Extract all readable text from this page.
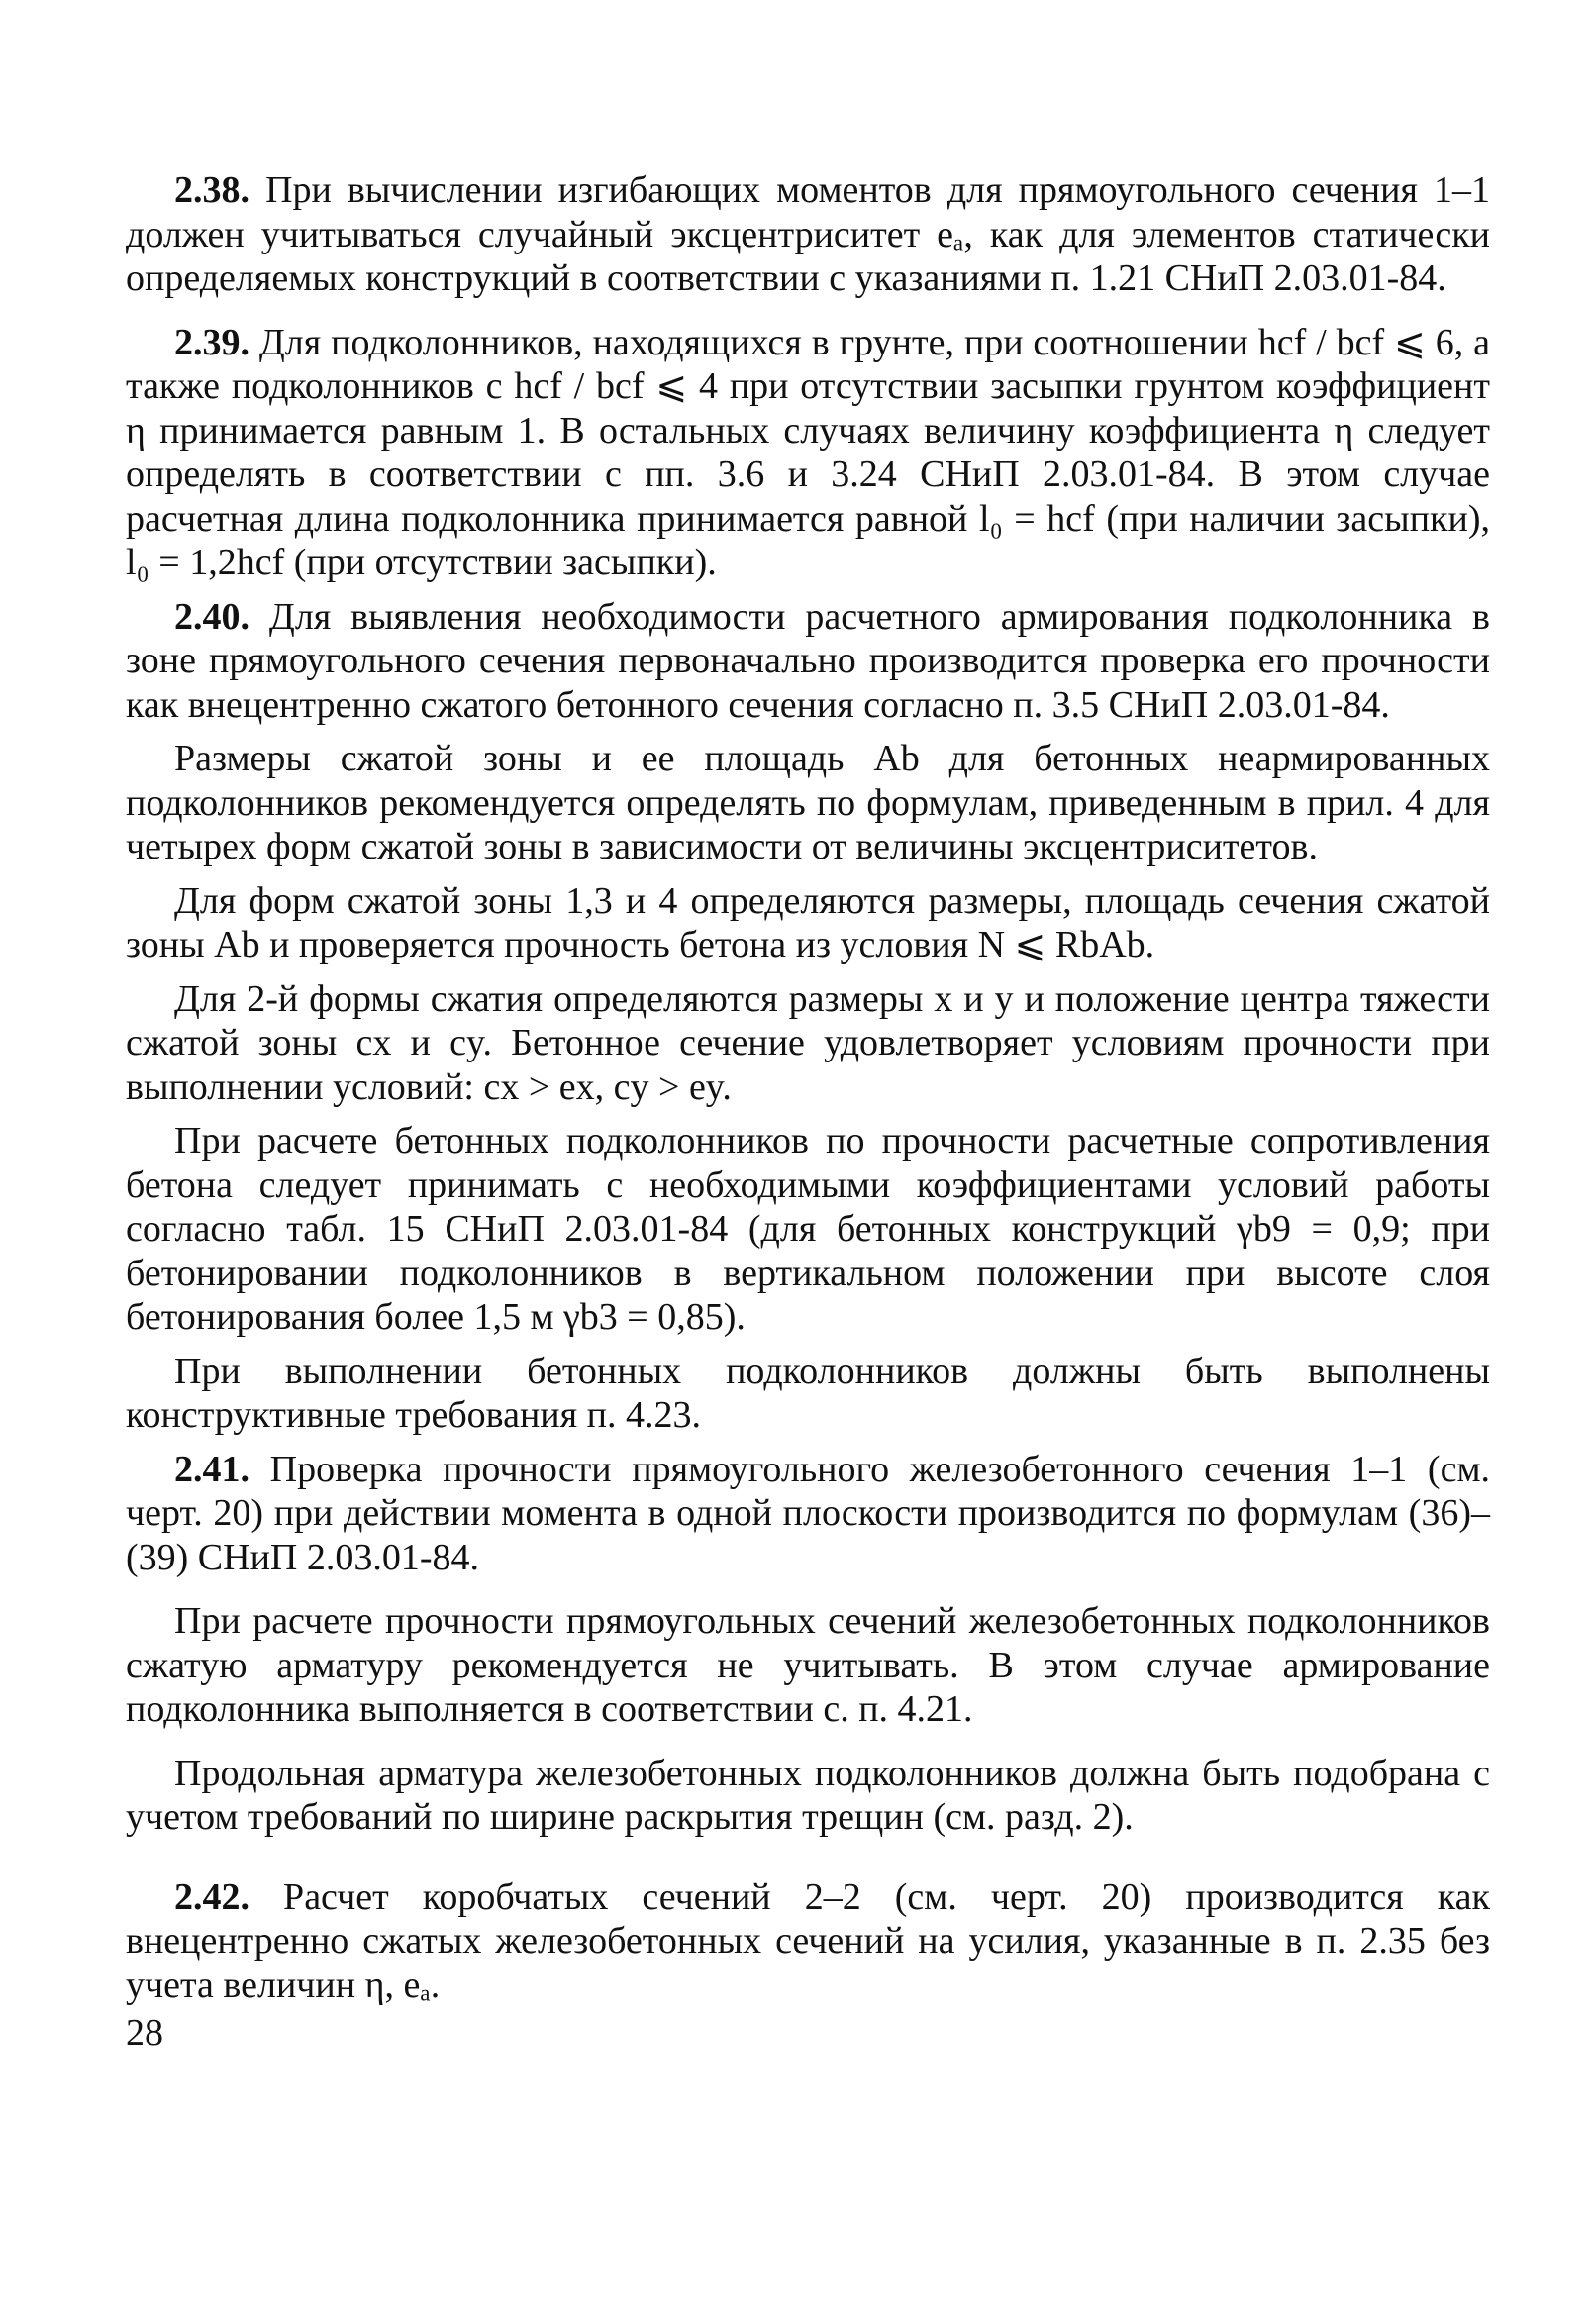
2.38. При вычислении изгибающих моментов для прямоугольного сечения 1–1 должен учитываться случайный эксцентриситет eₐ, как для элементов статически определяемых конструкций в соответствии с указаниями п. 1.21 СНиП 2.03.01-84.

2.39. Для подколонников, находящихся в грунте, при соотношении hcf / bcf ⩽ 6, а также подколонников с hcf / bcf ⩽ 4 при отсутствии засыпки грунтом коэффициент η принимается равным 1. В остальных случаях величину коэффициента η следует определять в соответствии с пп. 3.6 и 3.24 СНиП 2.03.01-84. В этом случае расчетная длина подколонника принимается равной l₀ = hcf (при наличии засыпки), l₀ = 1,2hcf (при отсутствии засыпки).

2.40. Для выявления необходимости расчетного армирования подколонника в зоне прямоугольного сечения первоначально производится проверка его прочности как внецентренно сжатого бетонного сечения согласно п. 3.5 СНиП 2.03.01-84.

Размеры сжатой зоны и ее площадь Ab для бетонных неармированных подколонников рекомендуется определять по формулам, приведенным в прил. 4 для четырех форм сжатой зоны в зависимости от величины эксцентриситетов.

Для форм сжатой зоны 1,3 и 4 определяются размеры, площадь сечения сжатой зоны Ab и проверяется прочность бетона из условия N ⩽ RbAb.

Для 2-й формы сжатия определяются размеры x и y и положение центра тяжести сжатой зоны cx и cy. Бетонное сечение удовлетворяет условиям прочности при выполнении условий: cx > ex, cy > ey.

При расчете бетонных подколонников по прочности расчетные сопротивления бетона следует принимать с необходимыми коэффициентами условий работы согласно табл. 15 СНиП 2.03.01-84 (для бетонных конструкций γb9 = 0,9; при бетонировании подколонников в вертикальном положении при высоте слоя бетонирования более 1,5 м γb3 = 0,85).

При выполнении бетонных подколонников должны быть выполнены конструктивные требования п. 4.23.

2.41. Проверка прочности прямоугольного железобетонного сечения 1–1 (см. черт. 20) при действии момента в одной плоскости производится по формулам (36)–(39) СНиП 2.03.01-84.

При расчете прочности прямоугольных сечений железобетонных подколонников сжатую арматуру рекомендуется не учитывать. В этом случае армирование подколонника выполняется в соответствии с. п. 4.21.

Продольная арматура железобетонных подколонников должна быть подобрана с учетом требований по ширине раскрытия трещин (см. разд. 2).

2.42. Расчет коробчатых сечений 2–2 (см. черт. 20) производится как внецентренно сжатых железобетонных сечений на усилия, указанные в п. 2.35 без учета величин η, eₐ.

28
